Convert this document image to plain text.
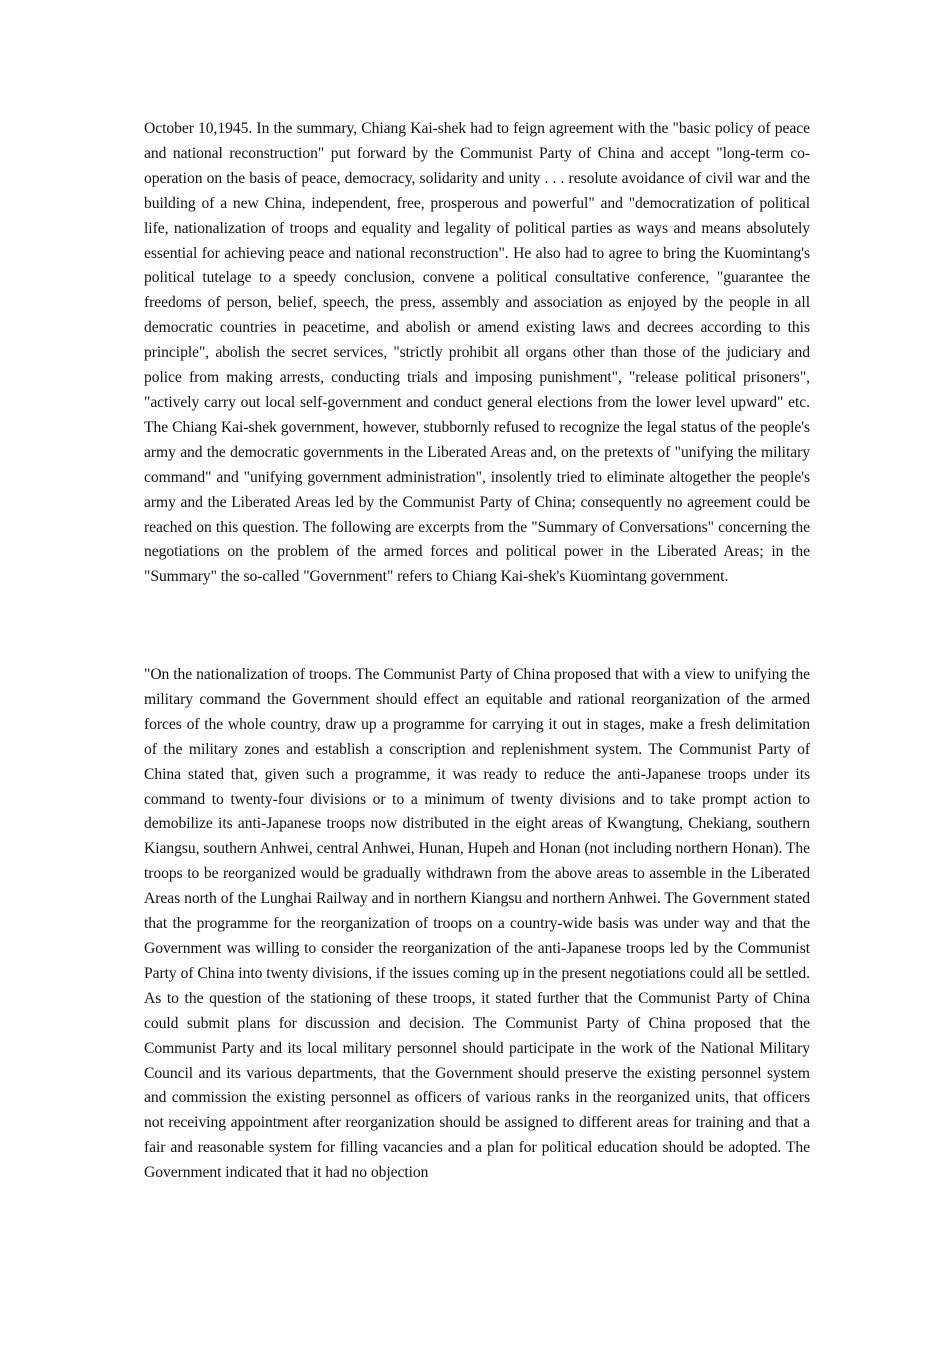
October 10,1945. In the summary, Chiang Kai-shek had to feign agreement with the "basic policy of peace and national reconstruction" put forward by the Communist Party of China and accept "long-term co-operation on the basis of peace, democracy, solidarity and unity . . . resolute avoidance of civil war and the building of a new China, independent, free, prosperous and powerful" and "democratization of political life, nationalization of troops and equality and legality of political parties as ways and means absolutely essential for achieving peace and national reconstruction". He also had to agree to bring the Kuomintang's political tutelage to a speedy conclusion, convene a political consultative conference, "guarantee the freedoms of person, belief, speech, the press, assembly and association as enjoyed by the people in all democratic countries in peacetime, and abolish or amend existing laws and decrees according to this principle", abolish the secret services, "strictly prohibit all organs other than those of the judiciary and police from making arrests, conducting trials and imposing punishment", "release political prisoners", "actively carry out local self-government and conduct general elections from the lower level upward" etc. The Chiang Kai-shek government, however, stubbornly refused to recognize the legal status of the people's army and the democratic governments in the Liberated Areas and, on the pretexts of "unifying the military command" and "unifying government administration", insolently tried to eliminate altogether the people's army and the Liberated Areas led by the Communist Party of China; consequently no agreement could be reached on this question. The following are excerpts from the "Summary of Conversations" concerning the negotiations on the problem of the armed forces and political power in the Liberated Areas; in the "Summary" the so-called "Government" refers to Chiang Kai-shek's Kuomintang government.

"On the nationalization of troops. The Communist Party of China proposed that with a view to unifying the military command the Government should effect an equitable and rational reorganization of the armed forces of the whole country, draw up a programme for carrying it out in stages, make a fresh delimitation of the military zones and establish a conscription and replenishment system. The Communist Party of China stated that, given such a programme, it was ready to reduce the anti-Japanese troops under its command to twenty-four divisions or to a minimum of twenty divisions and to take prompt action to demobilize its anti-Japanese troops now distributed in the eight areas of Kwangtung, Chekiang, southern Kiangsu, southern Anhwei, central Anhwei, Hunan, Hupeh and Honan (not including northern Honan). The troops to be reorganized would be gradually withdrawn from the above areas to assemble in the Liberated Areas north of the Lunghai Railway and in northern Kiangsu and northern Anhwei. The Government stated that the programme for the reorganization of troops on a country-wide basis was under way and that the Government was willing to consider the reorganization of the anti-Japanese troops led by the Communist Party of China into twenty divisions, if the issues coming up in the present negotiations could all be settled. As to the question of the stationing of these troops, it stated further that the Communist Party of China could submit plans for discussion and decision. The Communist Party of China proposed that the Communist Party and its local military personnel should participate in the work of the National Military Council and its various departments, that the Government should preserve the existing personnel system and commission the existing personnel as officers of various ranks in the reorganized units, that officers not receiving appointment after reorganization should be assigned to different areas for training and that a fair and reasonable system for filling vacancies and a plan for political education should be adopted. The Government indicated that it had no objection
